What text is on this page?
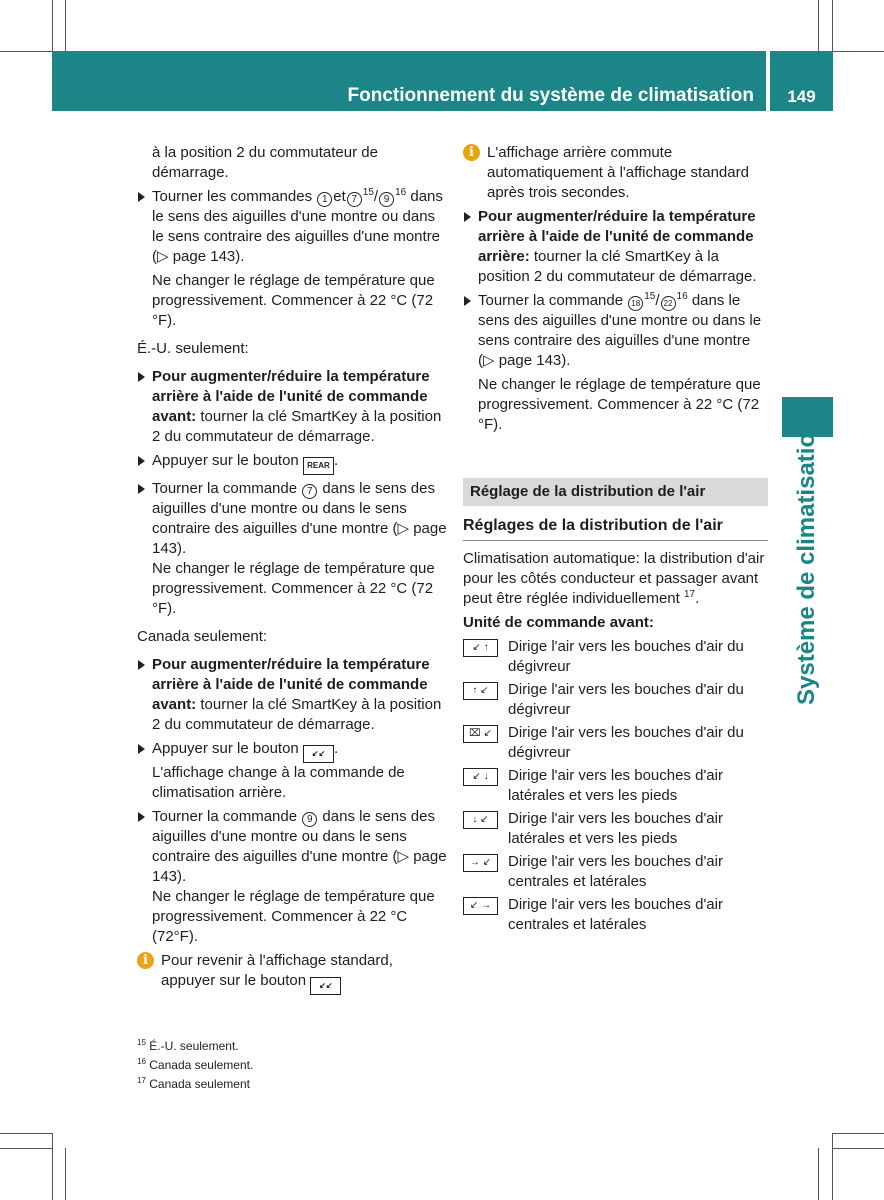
Fonctionnement du système de climatisation	149
Système de climatisation

à la position 2 du commutateur de démarrage.

Tourner les commandes 1 et $7^{15}/$ $9^{16}$ dans le sens des aiguilles d'une montre ou dans le sens contraire des aiguilles d'une montre (▷ page 143).

Ne changer le réglage de température que progressivement. Commencer à 22 °C (72 °F).

É.-U. seulement:

Pour augmenter/réduire la température arrière à l'aide de l'unité de commande avant: tourner la clé SmartKey à la position 2 du commutateur de démarrage.
Appuyer sur le bouton REAR .
Tourner la commande 7 dans le sens des aiguilles d'une montre ou dans le sens contraire des aiguilles d'une montre (▷ page 143).

Ne changer le réglage de température que progressivement. Commencer à 22 °C (72 °F).

Canada seulement:

Pour augmenter/réduire la température arrière à l'aide de l'unité de commande avant: tourner la clé SmartKey à la position 2 du commutateur de démarrage.
Appuyer sur le bouton ↙↙ .
L'affichage change à la commande de climatisation arrière.
Tourner la commande 9 dans le sens des aiguilles d'une montre ou dans le sens contraire des aiguilles d'une montre (▷ page 143).

Ne changer le réglage de température que progressivement. Commencer à 22 °C (72°F).

i Pour revenir à l'affichage standard, appuyer sur le bouton ↙↙
i L'affichage arrière commute automatiquement à l'affichage standard après trois secondes.
Pour augmenter/réduire la température arrière à l'aide de l'unité de commande arrière: tourner la clé SmartKey à la position 2 du commutateur de démarrage.
Tourner la commande $18^{15}/$ $22^{16}$ dans le sens des aiguilles d'une montre ou dans le sens contraire des aiguilles d'une montre (▷ page 143).

Ne changer le réglage de température que progressivement. Commencer à 22 °C (72 °F).

Réglage de la distribution de l'air
Réglages de la distribution de l'air

Climatisation automatique: la distribution d'air pour les côtés conducteur et passager avant peut être réglée individuellement $^{17}$.

Unité de commande avant:

↙ ↑	Dirige l'air vers les bouches d'air du dégivreur
↑ ↙	Dirige l'air vers les bouches d'air du dégivreur
⌧ ↙	Dirige l'air vers les bouches d'air du dégivreur
↙ ↓	Dirige l'air vers les bouches d'air latérales et vers les pieds
↓ ↙	Dirige l'air vers les bouches d'air latérales et vers les pieds
→ ↙	Dirige l'air vers les bouches d'air centrales et latérales
↙ →	Dirige l'air vers les bouches d'air centrales et latérales
$^{15}$ É.-U. seulement.
$^{16}$ Canada seulement.
$^{17}$ Canada seulement
